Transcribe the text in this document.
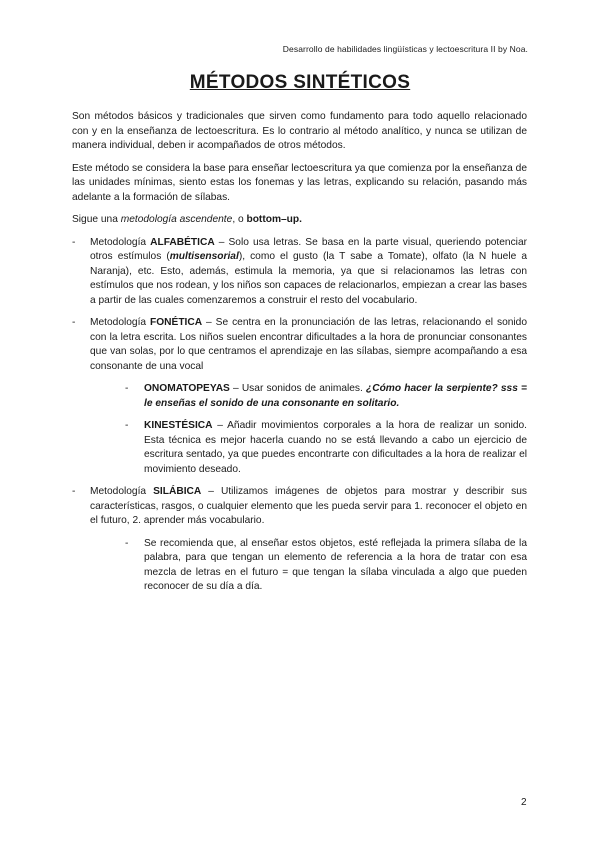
Desarrollo de habilidades lingüísticas y lectoescritura II by Noa.
MÉTODOS SINTÉTICOS

Son métodos básicos y tradicionales que sirven como fundamento para todo aquello relacionado con y en la enseñanza de lectoescritura. Es lo contrario al método analítico, y nunca se utilizan de manera individual, deben ir acompañados de otros métodos.

Este método se considera la base para enseñar lectoescritura ya que comienza por la enseñanza de las unidades mínimas, siento estas los fonemas y las letras, explicando su relación, pasando más adelante a la formación de sílabas.

Sigue una metodología ascendente, o bottom–up.

- Metodología ALFABÉTICA – Solo usa letras. Se basa en la parte visual, queriendo potenciar otros estímulos (multisensorial), como el gusto (la T sabe a Tomate), olfato (la N huele a Naranja), etc. Esto, además, estimula la memoria, ya que si relacionamos las letras con estímulos que nos rodean, y los niños son capaces de relacionarlos, empiezan a crear las bases a partir de las cuales comenzaremos a construir el resto del vocabulario.
- Metodología FONÉTICA – Se centra en la pronunciación de las letras, relacionando el sonido con la letra escrita. Los niños suelen encontrar dificultades a la hora de pronunciar consonantes que van solas, por lo que centramos el aprendizaje en las sílabas, siempre acompañando a esa consonante de una vocal
- ONOMATOPEYAS – Usar sonidos de animales. ¿Cómo hacer la serpiente? sss = le enseñas el sonido de una consonante en solitario.
- KINESTÉSICA – Añadir movimientos corporales a la hora de realizar un sonido. Esta técnica es mejor hacerla cuando no se está llevando a cabo un ejercicio de escritura sentado, ya que puedes encontrarte con dificultades a la hora de realizar el movimiento deseado.
- Metodología SILÁBICA – Utilizamos imágenes de objetos para mostrar y describir sus características, rasgos, o cualquier elemento que les pueda servir para 1. reconocer el objeto en el futuro, 2. aprender más vocabulario.
- Se recomienda que, al enseñar estos objetos, esté reflejada la primera sílaba de la palabra, para que tengan un elemento de referencia a la hora de tratar con esa mezcla de letras en el futuro = que tengan la sílaba vinculada a algo que pueden reconocer de su día a día.
2
